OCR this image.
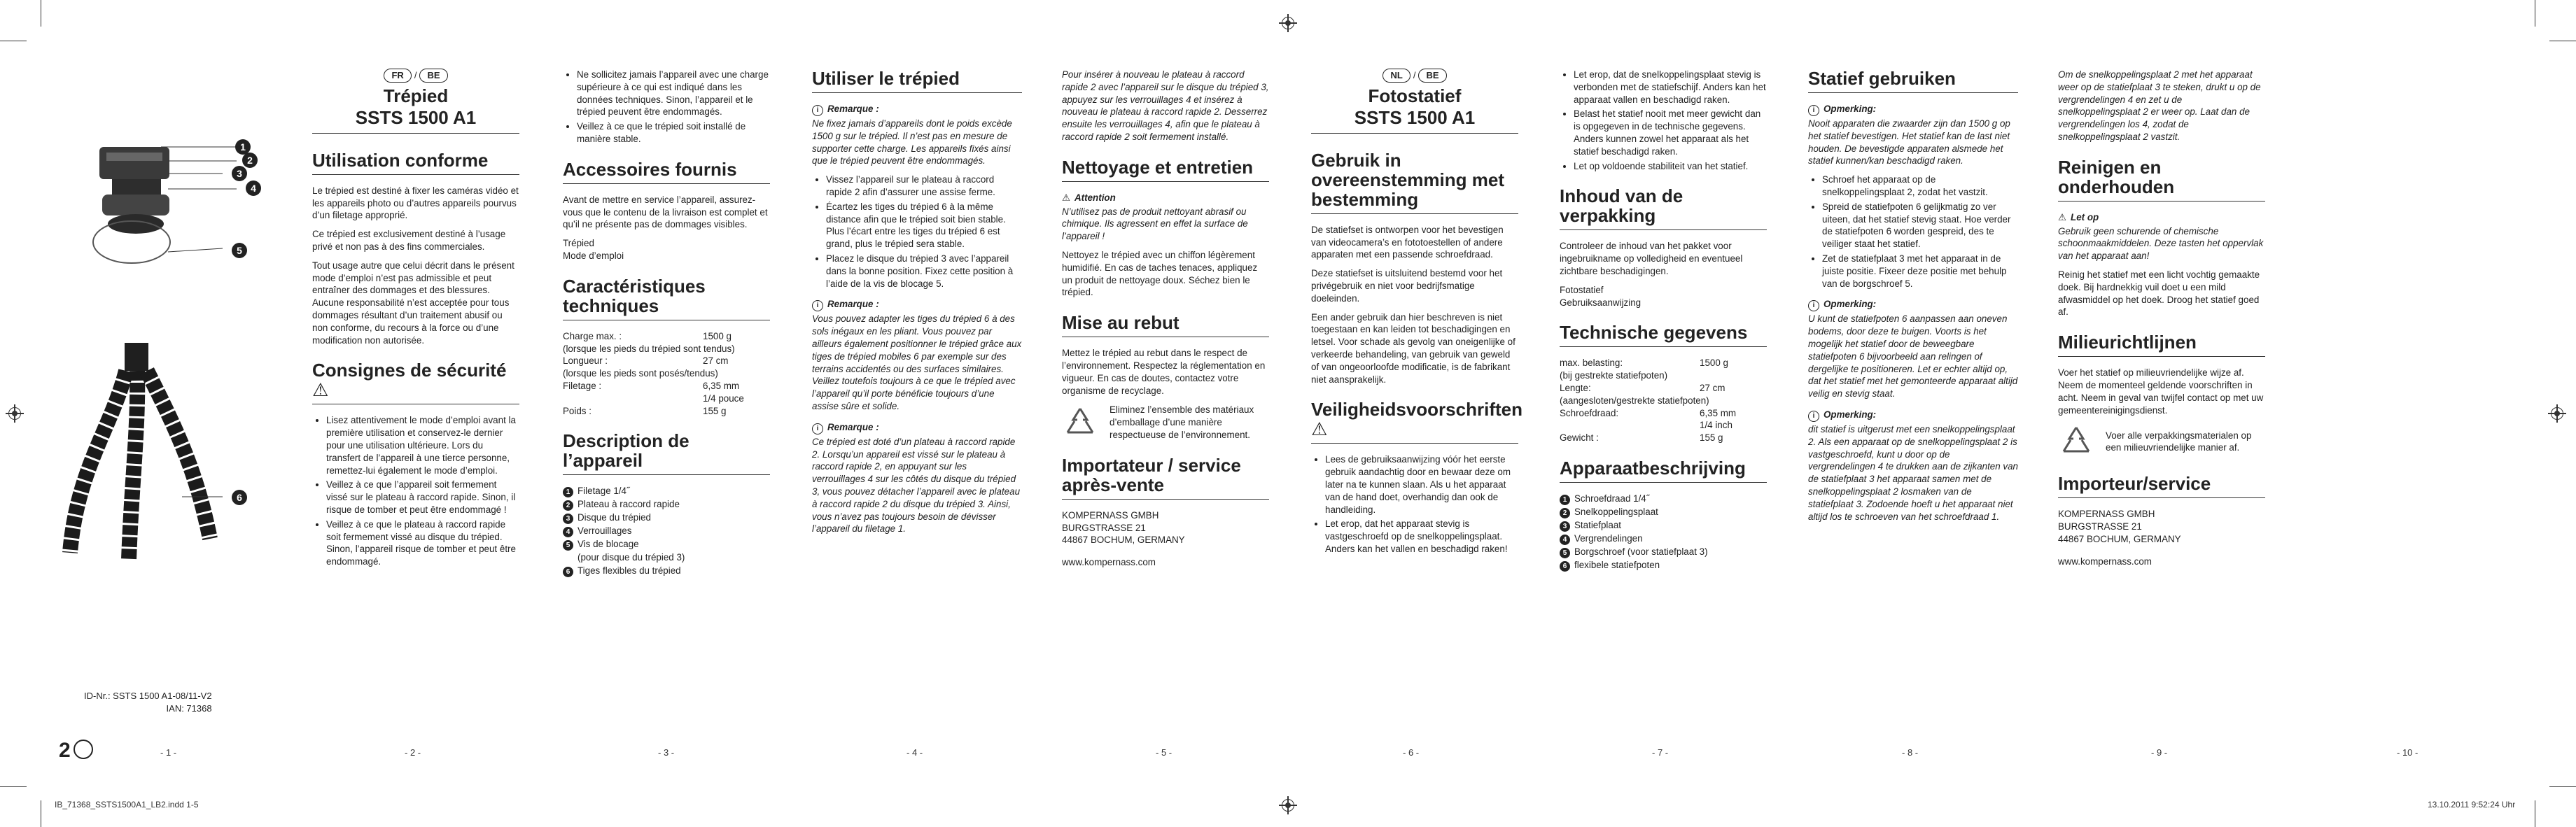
1
2
3
4
5
6
ID-Nr.: SSTS 1500 A1-08/11-V2
IAN: 71368
2
FR / BE
Trépied
SSTS 1500 A1
Utilisation conforme

Le trépied est destiné à fixer les caméras vidéo et les appareils photo ou d’autres appareils pourvus d’un filetage approprié.

Ce trépied est exclusivement destiné à l’usage privé et non pas à des fins commerciales.

Tout usage autre que celui décrit dans le présent mode d’emploi n’est pas admissible et peut entraîner des dommages et des blessures. Aucune responsabilité n’est acceptée pour tous dommages résultant d’un traitement abusif ou non conforme, du recours à la force ou d’une modification non autorisée.

Consignes de sécurité ⚠
• Lisez attentivement le mode d’emploi avant la première utilisation et conservez-le dernier pour une utilisation ultérieure. Lors du transfert de l’appareil à une tierce personne, remettez-lui également le mode d’emploi.
• Veillez à ce que l’appareil soit fermement vissé sur le plateau à raccord rapide. Sinon, il risque de tomber et peut être endommagé !
• Veillez à ce que le plateau à raccord rapide soit fermement vissé au disque du trépied. Sinon, l’appareil risque de tomber et peut être endommagé.
- 1 -	- 2 -
• Ne sollicitez jamais l’appareil avec une charge supérieure à ce qui est indiqué dans les données techniques. Sinon, l’appareil et le trépied peuvent être endommagés.
• Veillez à ce que le trépied soit installé de manière stable.
Accessoires fournis

Avant de mettre en service l’appareil, assurez-vous que le contenu de la livraison est complet et qu’il ne présente pas de dommages visibles.

Trépied
Mode d’emploi
Caractéristiques techniques
Charge max. :	1500 g
(lorsque les pieds du trépied sont tendus)
Longueur :	27 cm
(lorsque les pieds sont posés/tendus)
Filetage :	6,35 mm
1/4 pouce
Poids :	155 g
Description de l’appareil
1 Filetage 1/4˝
2 Plateau à raccord rapide
3 Disque du trépied
4 Verrouillages
5 Vis de blocage
(pour disque du trépied 3)
6 Tiges flexibles du trépied
- 3 -
Utiliser le trépied
i Remarque :

Ne fixez jamais d’appareils dont le poids excède 1500 g sur le trépied. Il n’est pas en mesure de supporter cette charge. Les appareils fixés ainsi que le trépied peuvent être endommagés.

• Vissez l’appareil sur le plateau à raccord rapide 2 afin d’assurer une assise ferme.
• Écartez les tiges du trépied 6 à la même distance afin que le trépied soit bien stable. Plus l’écart entre les tiges du trépied 6 est grand, plus le trépied sera stable.
• Placez le disque du trépied 3 avec l’appareil dans la bonne position. Fixez cette position à l’aide de la vis de blocage 5.
i Remarque :

Vous pouvez adapter les tiges du trépied 6 à des sols inégaux en les pliant. Vous pouvez par ailleurs également positionner le trépied grâce aux tiges de trépied mobiles 6 par exemple sur des terrains accidentés ou des surfaces similaires. Veillez toutefois toujours à ce que le trépied avec l’appareil qu’il porte bénéficie toujours d’une assise sûre et solide.

i Remarque :

Ce trépied est doté d’un plateau à raccord rapide 2. Lorsqu’un appareil est vissé sur le plateau à raccord rapide 2, en appuyant sur les verrouillages 4 sur les côtés du disque du trépied 3, vous pouvez détacher l’appareil avec le plateau à raccord rapide 2 du disque du trépied 3. Ainsi, vous n’avez pas toujours besoin de dévisser l’appareil du filetage 1.

- 4 -

Pour insérer à nouveau le plateau à raccord rapide 2 avec l’appareil sur le disque du trépied 3, appuyez sur les verrouillages 4 et insérez à nouveau le plateau à raccord rapide 2. Desserrez ensuite les verrouillages 4, afin que le plateau à raccord rapide 2 soit fermement installé.

Nettoyage et entretien
⚠ Attention

N’utilisez pas de produit nettoyant abrasif ou chimique. Ils agressent en effet la surface de l’appareil !

Nettoyez le trépied avec un chiffon légèrement humidifié. En cas de taches tenaces, appliquez un produit de nettoyage doux. Séchez bien le trépied.

Mise au rebut

Mettez le trépied au rebut dans le respect de l’environnement. Respectez la réglementation en vigueur. En cas de doutes, contactez votre organisme de recyclage.

Eliminez l’ensemble des matériaux d’emballage d’une manière respectueuse de l’environnement.
Importateur / service après-vente
KOMPERNASS GMBH
BURGSTRASSE 21
44867 BOCHUM, GERMANY

www.kompernass.com

- 5 -
NL / BE
Fotostatief
SSTS 1500 A1
Gebruik in overeenstemming met bestemming

De statiefset is ontworpen voor het bevestigen van videocamera’s en fototoestellen of andere apparaten met een passende schroefdraad.

Deze statiefset is uitsluitend bestemd voor het privégebruik en niet voor bedrijfsmatige doeleinden.

Een ander gebruik dan hier beschreven is niet toegestaan en kan leiden tot beschadigingen en letsel. Voor schade als gevolg van oneigenlijke of verkeerde behandeling, van gebruik van geweld of van ongeoorloofde modificatie, is de fabrikant niet aansprakelijk.

Veiligheidsvoorschriften ⚠
• Lees de gebruiksaanwijzing vóór het eerste gebruik aandachtig door en bewaar deze om later na te kunnen slaan. Als u het apparaat van de hand doet, overhandig dan ook de handleiding.
• Let erop, dat het apparaat stevig is vastgeschroefd op de snelkoppelingsplaat. Anders kan het vallen en beschadigd raken!
- 6 -
• Let erop, dat de snelkoppelingsplaat stevig is verbonden met de statiefschijf. Anders kan het apparaat vallen en beschadigd raken.
• Belast het statief nooit met meer gewicht dan is opgegeven in de technische gegevens. Anders kunnen zowel het apparaat als het statief beschadigd raken.
• Let op voldoende stabiliteit van het statief.
Inhoud van de verpakking

Controleer de inhoud van het pakket voor ingebruikname op volledigheid en eventueel zichtbare beschadigingen.

Fotostatief
Gebruiksaanwijzing
Technische gegevens
max. belasting:	1500 g
(bij gestrekte statiefpoten)
Lengte:	27 cm
(aangesloten/gestrekte statiefpoten)
Schroefdraad:	6,35 mm
1/4 inch
Gewicht :	155 g
Apparaatbeschrijving
1 Schroefdraad 1/4˝
2 Snelkoppelingsplaat
3 Statiefplaat
4 Vergrendelingen
5 Borgschroef (voor statiefplaat 3)
6 flexibele statiefpoten
- 7 -
Statief gebruiken
i Opmerking:

Nooit apparaten die zwaarder zijn dan 1500 g op het statief bevestigen. Het statief kan de last niet houden. De bevestigde apparaten alsmede het statief kunnen/kan beschadigd raken.

• Schroef het apparaat op de snelkoppelingsplaat 2, zodat het vastzit.
• Spreid de statiefpoten 6 gelijkmatig zo ver uiteen, dat het statief stevig staat. Hoe verder de statiefpoten 6 worden gespreid, des te veiliger staat het statief.
• Zet de statiefplaat 3 met het apparaat in de juiste positie. Fixeer deze positie met behulp van de borgschroef 5.
i Opmerking:

U kunt de statiefpoten 6 aanpassen aan oneven bodems, door deze te buigen. Voorts is het mogelijk het statief door de beweegbare statiefpoten 6 bijvoorbeeld aan relingen of dergelijke te positioneren. Let er echter altijd op, dat het statief met het gemonteerde apparaat altijd veilig en stevig staat.

i Opmerking:

dit statief is uitgerust met een snelkoppelingsplaat 2. Als een apparaat op de snelkoppelingsplaat 2 is vastgeschroefd, kunt u door op de vergrendelingen 4 te drukken aan de zijkanten van de statiefplaat 3 het apparaat samen met de snelkoppelingsplaat 2 losmaken van de statiefplaat 3. Zodoende hoeft u het apparaat niet altijd los te schroeven van het schroefdraad 1.

- 8 -

Om de snelkoppelingsplaat 2 met het apparaat weer op de statiefplaat 3 te steken, drukt u op de vergrendelingen 4 en zet u de snelkoppelingsplaat 2 er weer op. Laat dan de vergrendelingen los 4, zodat de snelkoppelingsplaat 2 vastzit.

Reinigen en onderhouden
⚠ Let op

Gebruik geen schurende of chemische schoonmaakmiddelen. Deze tasten het oppervlak van het apparaat aan!

Reinig het statief met een licht vochtig gemaakte doek. Bij hardnekkig vuil doet u een mild afwasmiddel op het doek. Droog het statief goed af.

Milieurichtlijnen

Voer het statief op milieuvriendelijke wijze af. Neem de momenteel geldende voorschriften in acht. Neem in geval van twijfel contact op met uw gemeentereinigingsdienst.

Voer alle verpakkingsmaterialen op een milieuvriendelijke manier af.
Importeur/service
KOMPERNASS GMBH
BURGSTRASSE 21
44867 BOCHUM, GERMANY

www.kompernass.com

- 9 -	- 10 -
IB_71368_SSTS1500A1_LB2.indd 1-5	13.10.2011 9:52:24 Uhr
